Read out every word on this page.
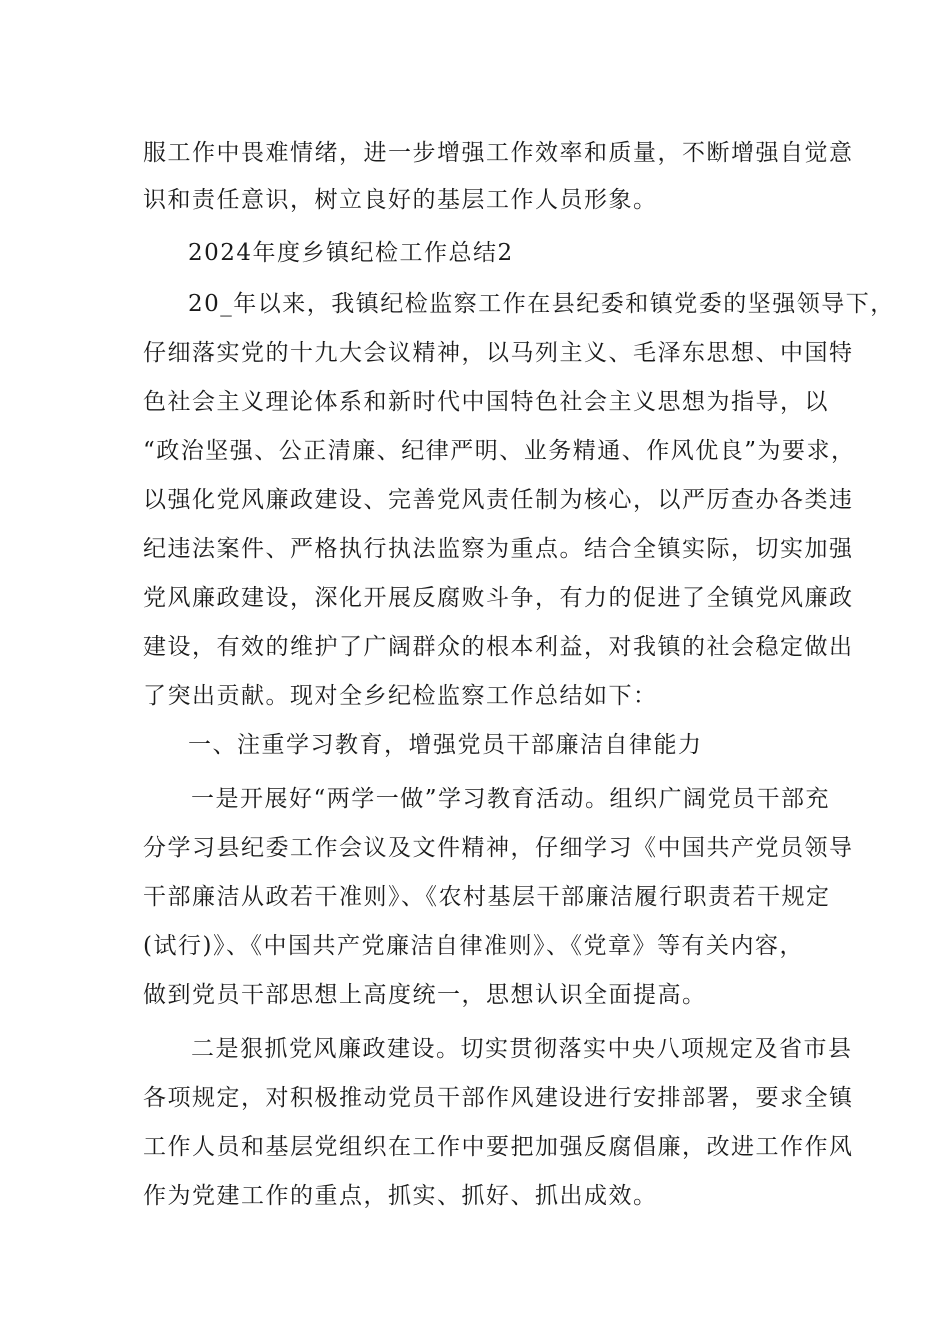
服工作中畏难情绪，进一步增强工作效率和质量，不断增强自觉意
识和责任意识，树立良好的基层工作人员形象。
2024年度乡镇纪检工作总结2
20_年以来，我镇纪检监察工作在县纪委和镇党委的坚强领导下，
仔细落实党的十九大会议精神，以马列主义、毛泽东思想、中国特
色社会主义理论体系和新时代中国特色社会主义思想为指导，以
“政治坚强、公正清廉、纪律严明、业务精通、作风优良”为要求，
以强化党风廉政建设、完善党风责任制为核心，以严厉查办各类违
纪违法案件、严格执行执法监察为重点。结合全镇实际，切实加强
党风廉政建设，深化开展反腐败斗争，有力的促进了全镇党风廉政
建设，有效的维护了广阔群众的根本利益，对我镇的社会稳定做出
了突出贡献。现对全乡纪检监察工作总结如下：
一、注重学习教育，增强党员干部廉洁自律能力
一是开展好“两学一做”学习教育活动。组织广阔党员干部充
分学习县纪委工作会议及文件精神，仔细学习《中国共产党员领导
干部廉洁从政若干准则》、《农村基层干部廉洁履行职责若干规定
(试行)》、《中国共产党廉洁自律准则》、《党章》等有关内容，
做到党员干部思想上高度统一，思想认识全面提高。
二是狠抓党风廉政建设。切实贯彻落实中央八项规定及省市县
各项规定，对积极推动党员干部作风建设进行安排部署，要求全镇
工作人员和基层党组织在工作中要把加强反腐倡廉，改进工作作风
作为党建工作的重点，抓实、抓好、抓出成效。
